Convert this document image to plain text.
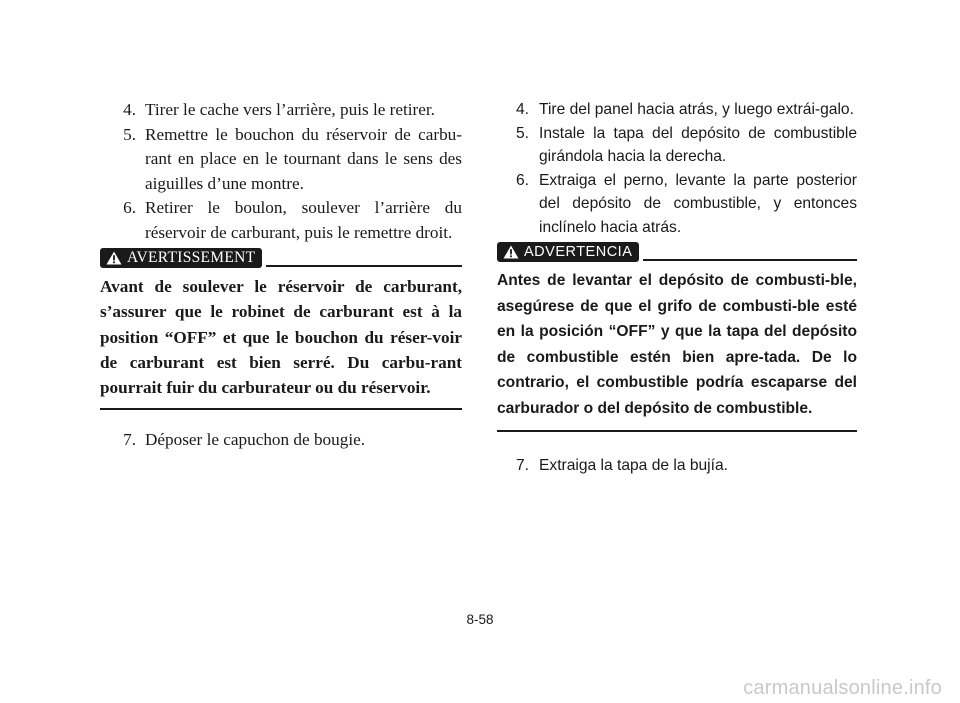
4. Tirer le cache vers l’arrière, puis le retirer.
5. Remettre le bouchon du réservoir de carbu-rant en place en le tournant dans le sens des aiguilles d’une montre.
6. Retirer le boulon, soulever l’arrière du réservoir de carburant, puis le remettre droit.
AVERTISSEMENT
Avant de soulever le réservoir de carburant, s’assurer que le robinet de carburant est à la position “OFF” et que le bouchon du réser-voir de carburant est bien serré. Du carbu-rant pourrait fuir du carburateur ou du réservoir.
7. Déposer le capuchon de bougie.
4. Tire del panel hacia atrás, y luego extrái-galo.
5. Instale la tapa del depósito de combustible girándola hacia la derecha.
6. Extraiga el perno, levante la parte posterior del depósito de combustible, y entonces inclínelo hacia atrás.
ADVERTENCIA
Antes de levantar el depósito de combusti-ble, asegúrese de que el grifo de combusti-ble esté en la posición “OFF” y que la tapa del depósito de combustible estén bien apre-tada. De lo contrario, el combustible podría escaparse del carburador o del depósito de combustible.
7. Extraiga la tapa de la bujía.
8-58
carmanualsonline.info
